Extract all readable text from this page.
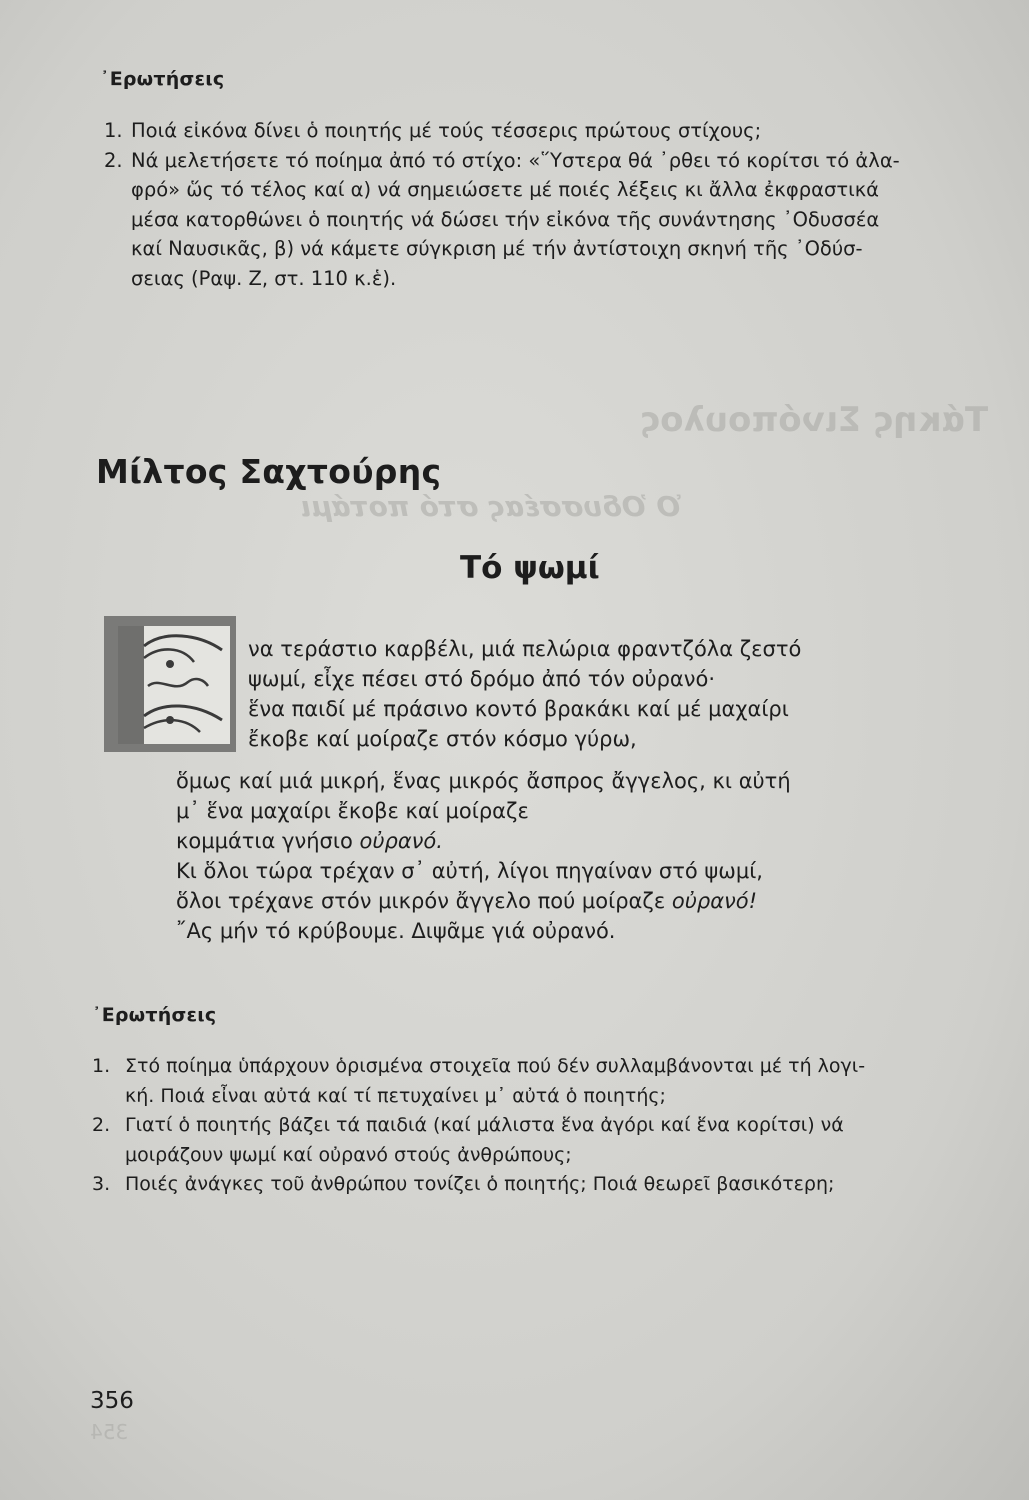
Τάκης Σινόπουλος
Ὁ Ὀδυσσέας στό ποτάμι
354
᾿Ερωτήσεις
1. Ποιά εἰκόνα δίνει ὁ ποιητής μέ τούς τέσσερις πρώτους στίχους;
2. Νά μελετήσετε τό ποίημα ἀπό τό στίχο: «῞Υστερα θά ᾿ρθει τό κορίτσι τό ἀλα-
φρό» ὥς τό τέλος καί α) νά σημειώσετε μέ ποιές λέξεις κι ἄλλα ἐκφραστικά
μέσα κατορθώνει ὁ ποιητής νά δώσει τήν εἰκόνα τῆς συνάντησης ᾿Οδυσσέα
καί Ναυσικᾶς, β) νά κάμετε σύγκριση μέ τήν ἀντίστοιχη σκηνή τῆς ᾿Οδύσ-
σειας (Ραψ. Ζ, στ. 110 κ.ἑ).
Μίλτος Σαχτούρης
Τό ψωμί
να τεράστιο καρβέλι, μιά πελώρια φραντζόλα ζεστό
ψωμί, εἶχε πέσει στό δρόμο ἀπό τόν οὐρανό·
ἕνα παιδί μέ πράσινο κοντό βρακάκι καί μέ μαχαίρι
ἔκοβε καί μοίραζε στόν κόσμο γύρω,
ὅμως καί μιά μικρή, ἕνας μικρός ἄσπρος ἄγγελος, κι αὐτή
μ᾿ ἕνα μαχαίρι ἔκοβε καί μοίραζε
κομμάτια γνήσιο οὐρανό.
Κι ὅλοι τώρα τρέχαν σ᾿ αὐτή, λίγοι πηγαίναν στό ψωμί,
ὅλοι τρέχανε στόν μικρόν ἄγγελο πού μοίραζε οὐρανό!
῎Ας μήν τό κρύβουμε. Διψᾶμε γιά οὐρανό.
᾿Ερωτήσεις
1. Στό ποίημα ὑπάρχουν ὁρισμένα στοιχεῖα πού δέν συλλαμβάνονται μέ τή λογι-
κή. Ποιά εἶναι αὐτά καί τί πετυχαίνει μ᾿ αὐτά ὁ ποιητής;
2. Γιατί ὁ ποιητής βάζει τά παιδιά (καί μάλιστα ἕνα ἀγόρι καί ἕνα κορίτσι) νά
μοιράζουν ψωμί καί οὐρανό στούς ἀνθρώπους;
3. Ποιές ἀνάγκες τοῦ ἀνθρώπου τονίζει ὁ ποιητής; Ποιά θεωρεῖ βασικότερη;
356
